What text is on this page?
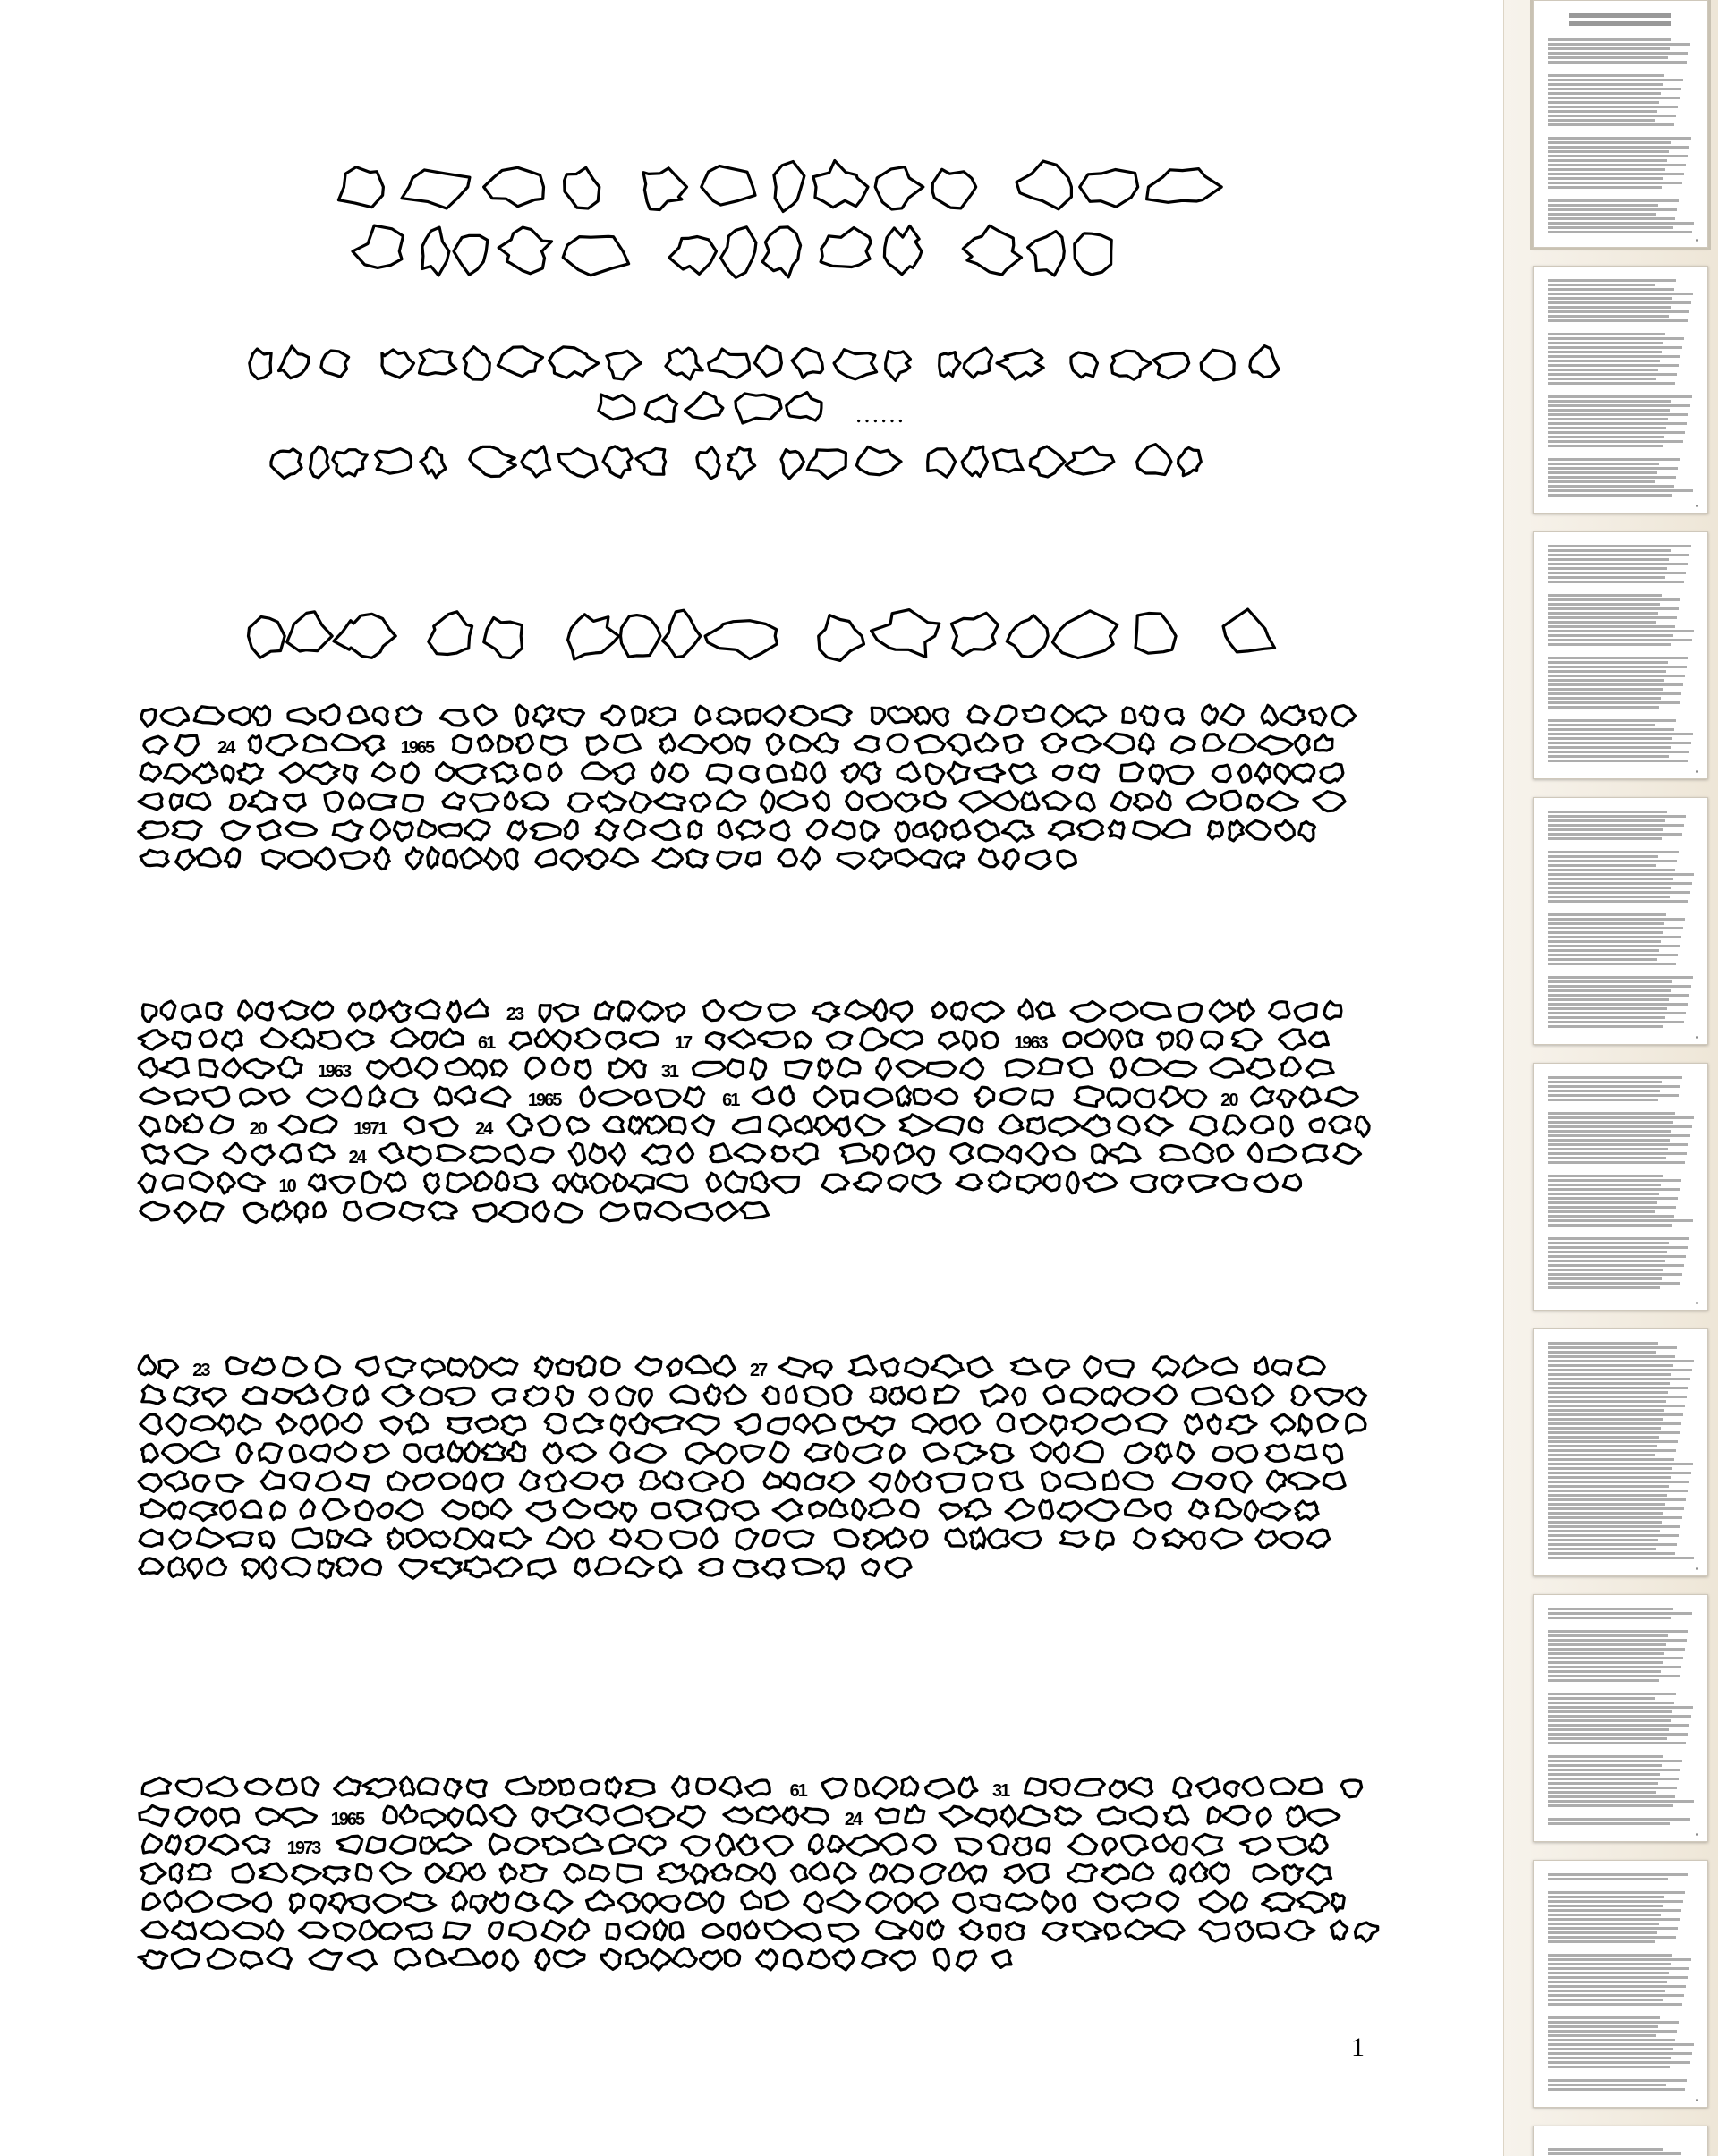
……
24	1965
23
61	17	1963
1963	31
1965	61	20
20	1971	24
24
10
23	27
61	31
1965	24
1973
1
